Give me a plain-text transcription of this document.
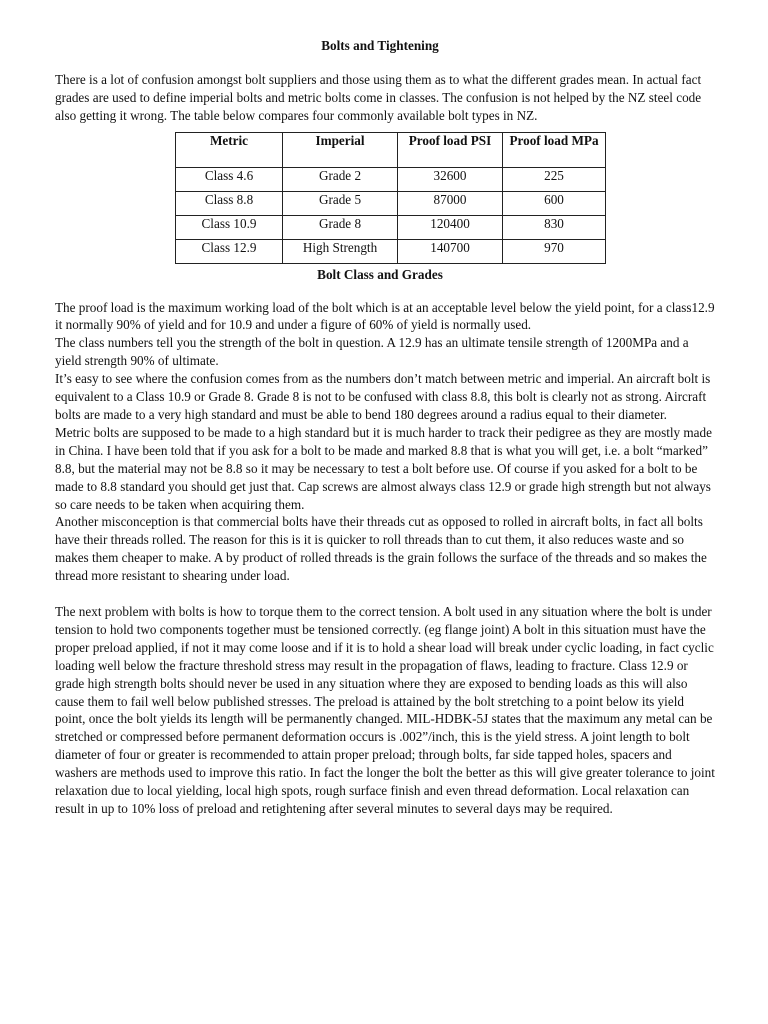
Bolts and Tightening

There is a lot of confusion amongst bolt suppliers and those using them as to what the different grades mean. In actual fact grades are used to define imperial bolts and metric bolts come in classes. The confusion is not helped by the NZ steel code also getting it wrong. The table below compares four commonly available bolt types in NZ.

Metric	Imperial	Proof load PSI	Proof load MPa
Class 4.6	Grade 2	32600	225
Class 8.8	Grade 5	87000	600
Class 10.9	Grade 8	120400	830
Class 12.9	High Strength	140700	970
Bolt Class and Grades

The proof load is the maximum working load of the bolt which is at an acceptable level below the yield point, for a class12.9 it normally 90% of yield and for 10.9 and under a figure of 60% of yield is normally used.

The class numbers tell you the strength of the bolt in question. A 12.9 has an ultimate tensile strength of 1200MPa and a yield strength 90% of ultimate.

It’s easy to see where the confusion comes from as the numbers don’t match between metric and imperial. An aircraft bolt is equivalent to a Class 10.9 or Grade 8. Grade 8 is not to be confused with class 8.8, this bolt is clearly not as strong. Aircraft bolts are made to a very high standard and must be able to bend 180 degrees around a radius equal to their diameter.

Metric bolts are supposed to be made to a high standard but it is much harder to track their pedigree as they are mostly made in China. I have been told that if you ask for a bolt to be made and marked 8.8 that is what you will get, i.e. a bolt “marked” 8.8, but the material may not be 8.8 so it may be necessary to test a bolt before use. Of course if you asked for a bolt to be made to 8.8 standard you should get just that. Cap screws are almost always class 12.9 or grade high strength but not always so care needs to be taken when acquiring them.

Another misconception is that commercial bolts have their threads cut as opposed to rolled in aircraft bolts, in fact all bolts have their threads rolled. The reason for this is it is quicker to roll threads than to cut them, it also reduces waste and so makes them cheaper to make. A by product of rolled threads is the grain follows the surface of the threads and so makes the thread more resistant to shearing under load.

The next problem with bolts is how to torque them to the correct tension. A bolt used in any situation where the bolt is under tension to hold two components together must be tensioned correctly. (eg flange joint) A bolt in this situation must have the proper preload applied, if not it may come loose and if it is to hold a shear load will break under cyclic loading, in fact cyclic loading well below the fracture threshold stress may result in the propagation of flaws, leading to fracture. Class 12.9 or grade high strength bolts should never be used in any situation where they are exposed to bending loads as this will also cause them to fail well below published stresses. The preload is attained by the bolt stretching to a point below its yield point, once the bolt yields its length will be permanently changed. MIL-HDBK-5J states that the maximum any metal can be stretched or compressed before permanent deformation occurs is .002”/inch, this is the yield stress. A joint length to bolt diameter of four or greater is recommended to attain proper preload; through bolts, far side tapped holes, spacers and washers are methods used to improve this ratio. In fact the longer the bolt the better as this will give greater tolerance to joint relaxation due to local yielding, local high spots, rough surface finish and even thread deformation. Local relaxation can result in up to 10% loss of preload and retightening after several minutes to several days may be required.
